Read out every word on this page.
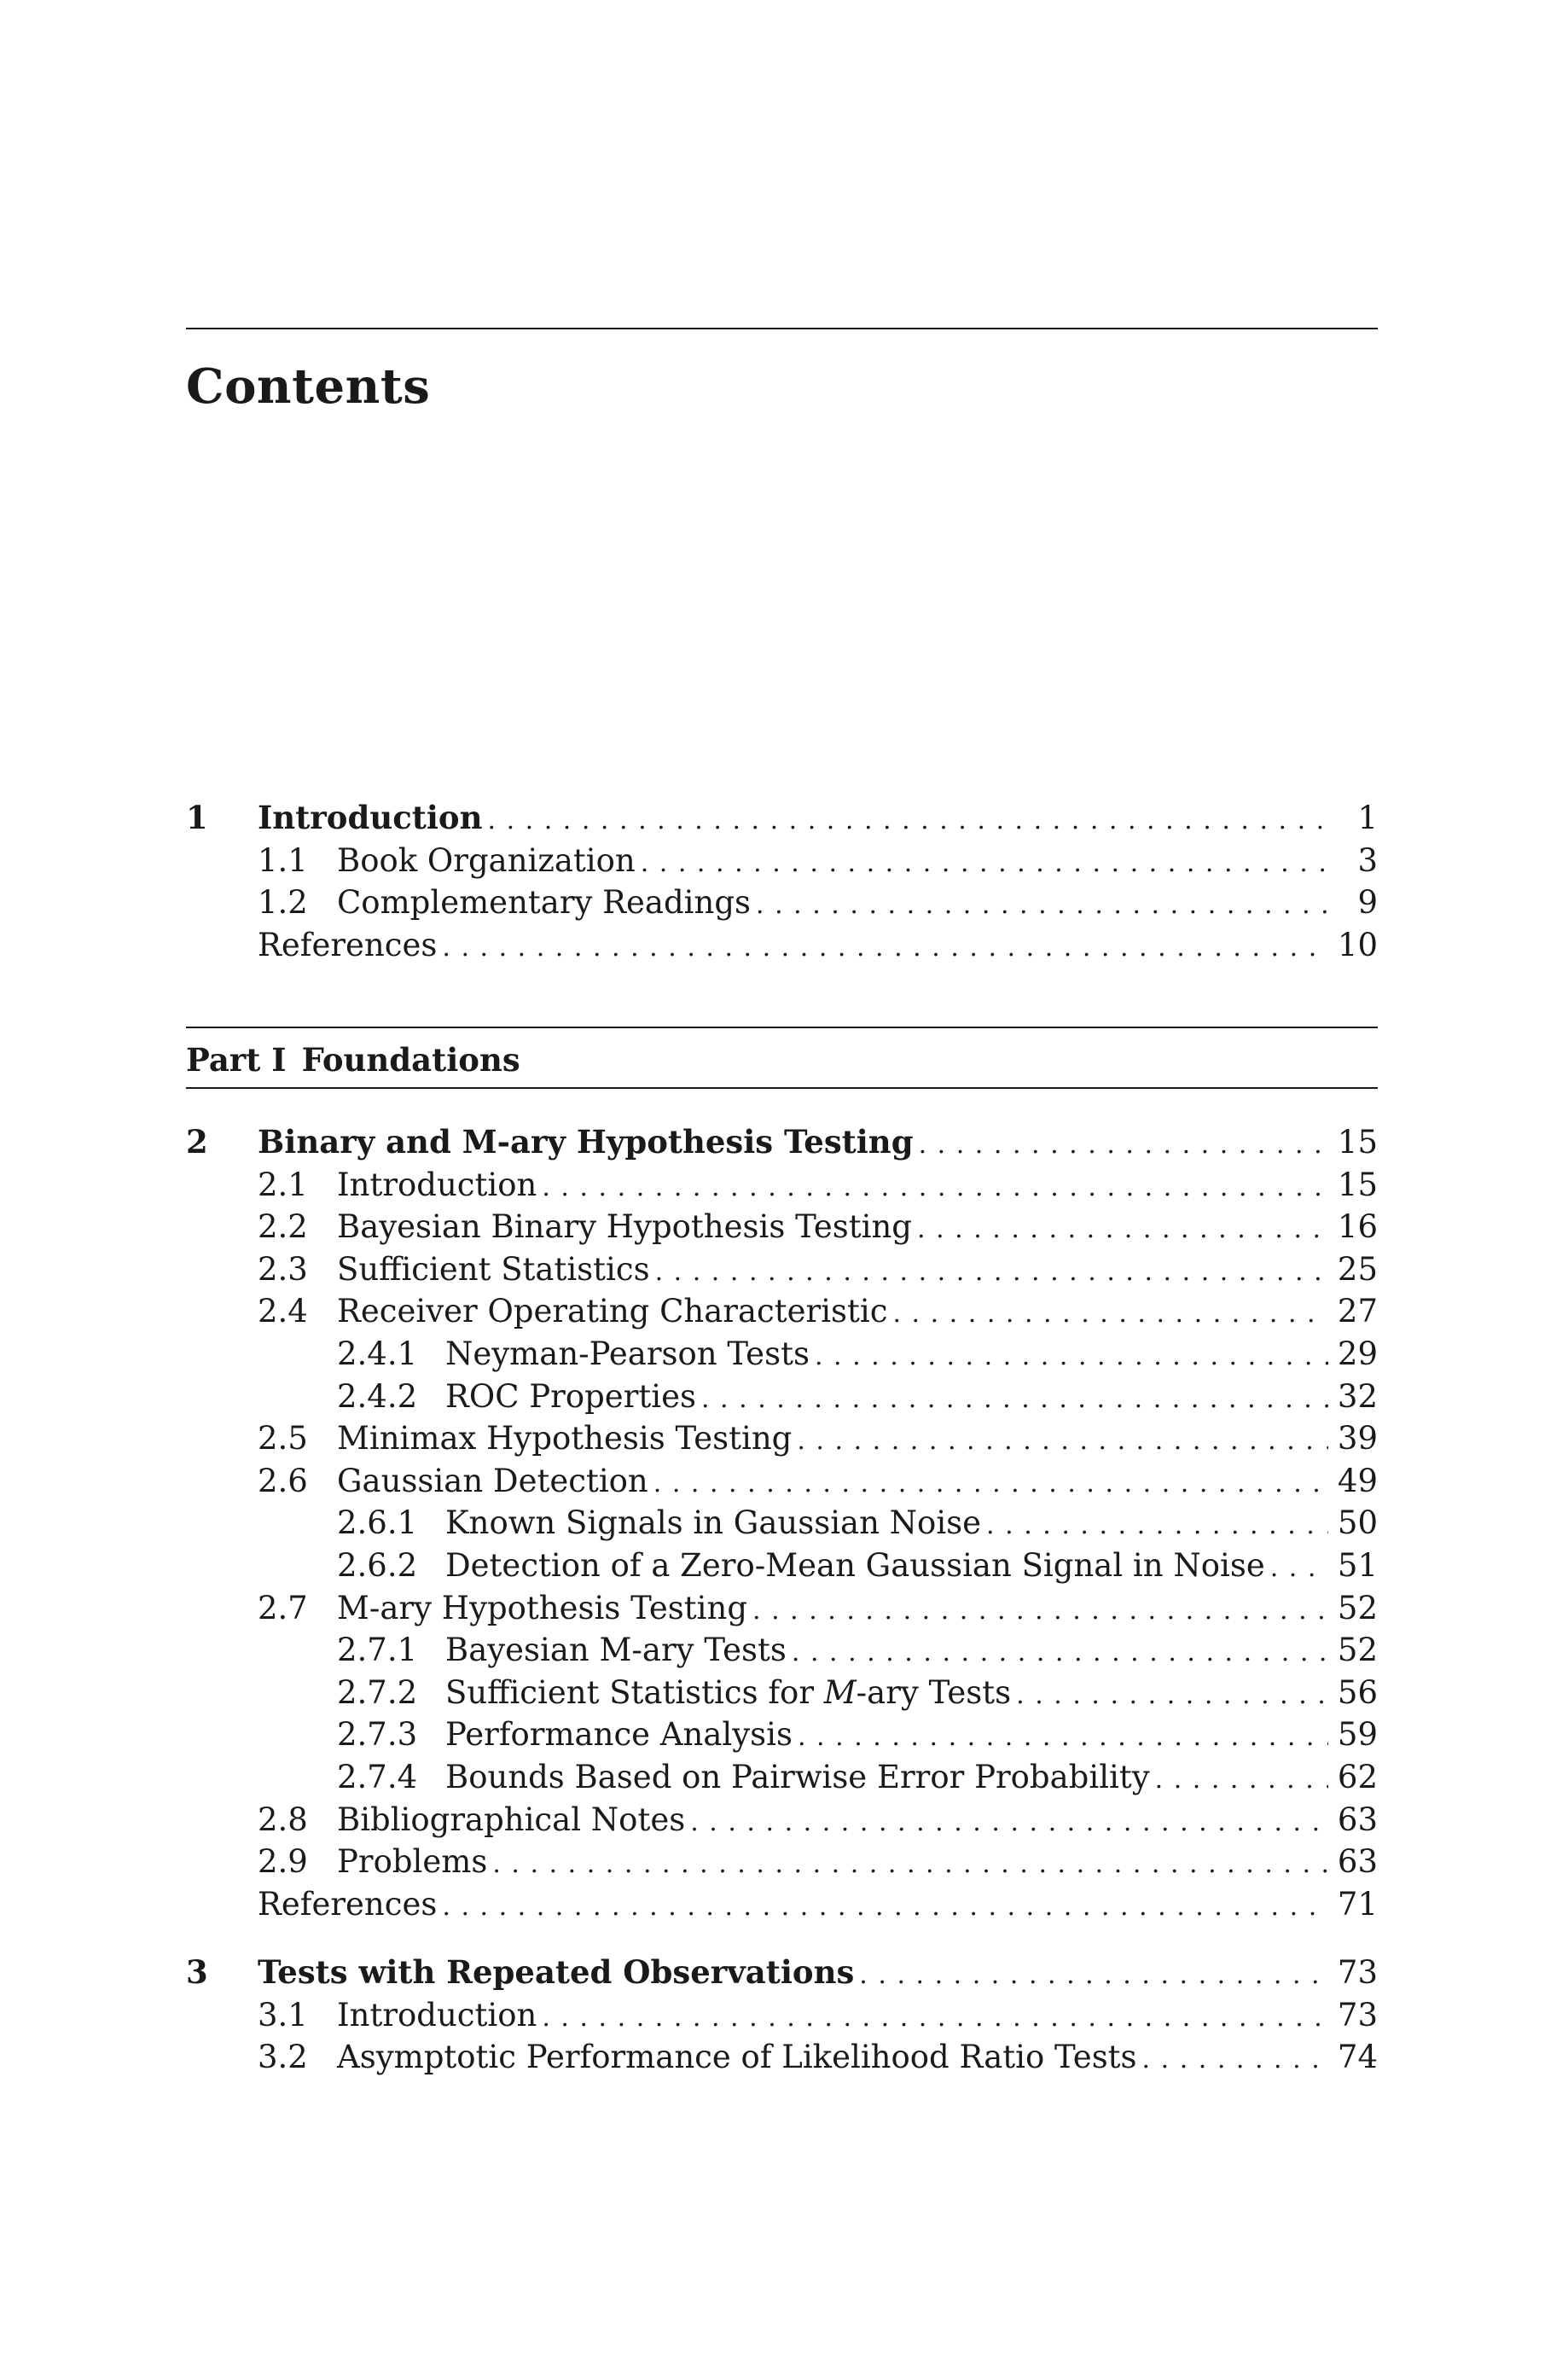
Contents
1	Introduction . . .	1
1.1 Book Organization . . .	3
1.2 Complementary Readings . . .	9
References . . .	10
Part I Foundations
2	Binary and M-ary Hypothesis Testing . . .	15
2.1 Introduction . . .	15
2.2 Bayesian Binary Hypothesis Testing . . .	16
2.3 Sufficient Statistics . . .	25
2.4 Receiver Operating Characteristic . . .	27
2.4.1 Neyman-Pearson Tests . . .	29
2.4.2 ROC Properties . . .	32
2.5 Minimax Hypothesis Testing . . .	39
2.6 Gaussian Detection . . .	49
2.6.1 Known Signals in Gaussian Noise . . .	50
2.6.2 Detection of a Zero-Mean Gaussian Signal in Noise . . . 51
2.7 M-ary Hypothesis Testing . . .	52
2.7.1 Bayesian M-ary Tests . . .	52
2.7.2 Sufficient Statistics for M-ary Tests . . .	56
2.7.3 Performance Analysis . . .	59
2.7.4 Bounds Based on Pairwise Error Probability . . .	62
2.8 Bibliographical Notes . . .	63
2.9 Problems . . .	63
References . . .	71
3	Tests with Repeated Observations . . .	73
3.1 Introduction . . .	73
3.2 Asymptotic Performance of Likelihood Ratio Tests . . .	74
